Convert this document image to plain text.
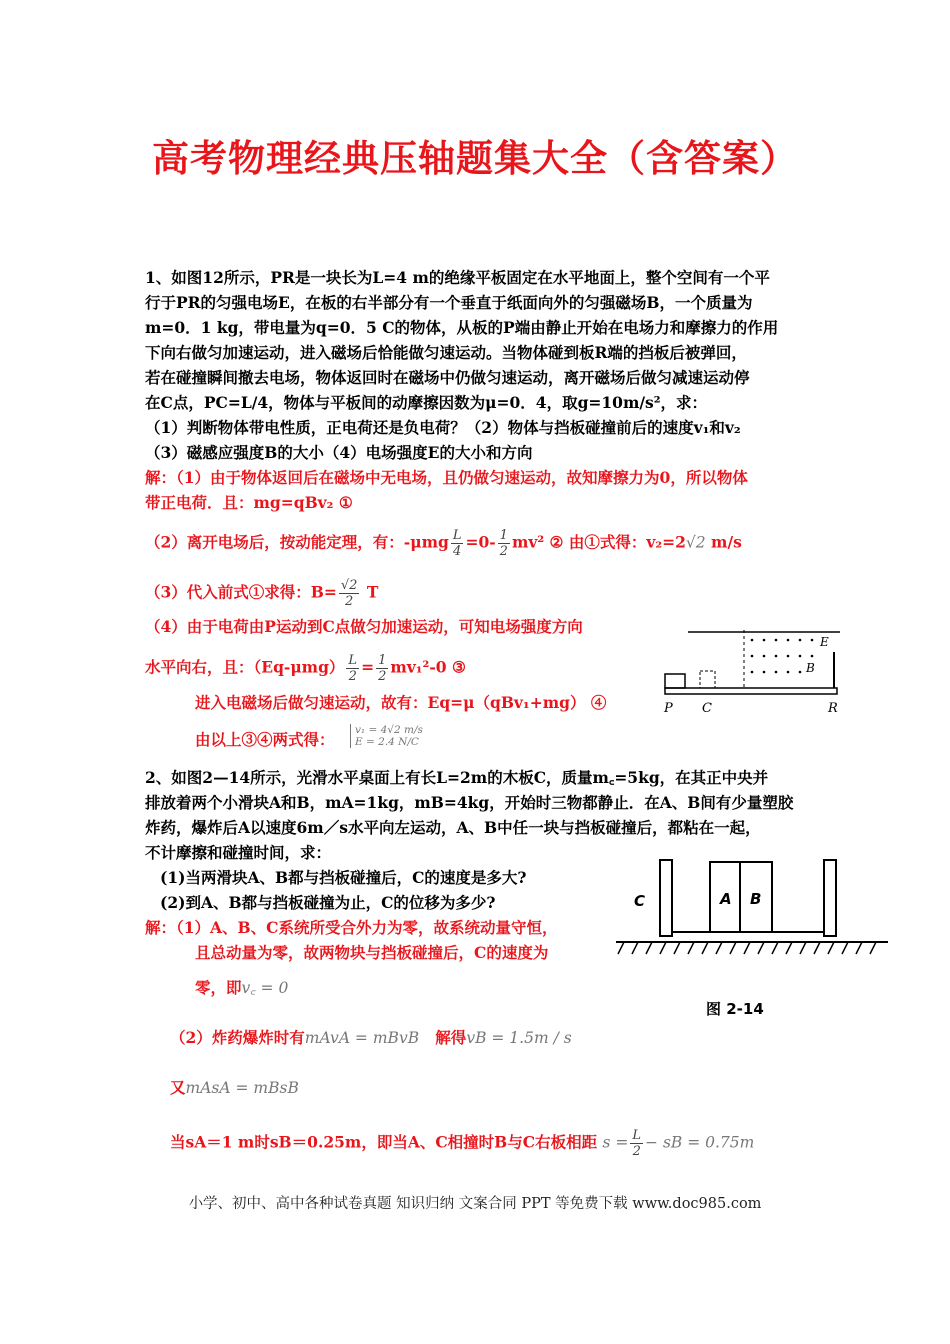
高考物理经典压轴题集大全（含答案）
1、如图12所示，PR是一块长为L=4 m的绝缘平板固定在水平地面上，整个空间有一个平
行于PR的匀强电场E，在板的右半部分有一个垂直于纸面向外的匀强磁场B，一个质量为
m=0．1 kg，带电量为q=0．5 C的物体，从板的P端由静止开始在电场力和摩擦力的作用
下向右做匀加速运动，进入磁场后恰能做匀速运动。当物体碰到板R端的挡板后被弹回，
若在碰撞瞬间撤去电场，物体返回时在磁场中仍做匀速运动，离开磁场后做匀减速运动停
在C点，PC=L/4，物体与平板间的动摩擦因数为μ=0．4，取g=10m/s²，求：
（1）判断物体带电性质，正电荷还是负电荷？（2）物体与挡板碰撞前后的速度v₁和v₂
（3）磁感应强度B的大小（4）电场强度E的大小和方向
解：（1）由于物体返回后在磁场中无电场，且仍做匀速运动，故知摩擦力为0，所以物体
带正电荷．且：mg=qBv₂ ①
（2）离开电场后，按动能定理，有：$-\mu mg \frac{L}{4} =0- \frac{1}{2} mv^2$ ② 由①式得：v₂=2√2 m/s
（3）代入前式①求得：$B= \frac{√2}{2}$ T
（4）由于电荷由P运动到C点做匀加速运动，可知电场强度方向
水平向右，且：$(Eq-\mu mg) \frac{L}{2} = \frac{1}{2} mv_1^2-0$ ③
进入电磁场后做匀速运动，故有：Eq=μ（qBv₁+mg） ④
由以上③④两式得： v₁ = 4√2 m/s
E = 2.4 N/C
P C	R
E
B
2、如图2—14所示，光滑水平桌面上有长L=2m的木板C，质量m꜀=5kg，在其正中央并
排放着两个小滑块A和B，mA=1kg，mB=4kg，开始时三物都静止．在A、B间有少量塑胶
炸药，爆炸后A以速度6m／s水平向左运动，A、B中任一块与挡板碰撞后，都粘在一起，
不计摩擦和碰撞时间，求：
(1)当两滑块A、B都与挡板碰撞后，C的速度是多大?
(2)到A、B都与挡板碰撞为止，C的位移为多少?
解：（1）A、B、C系统所受合外力为零，故系统动量守恒，
且总动量为零，故两物块与挡板碰撞后，C的速度为
零，即v꜀ = 0
（2）炸药爆炸时有mAvA = mBvB 解得vB = 1.5m / s
又mAsA = mBsB
当sA＝1 m时sB＝0.25m，即当A、C相撞时B与C右板相距 $s = \frac{L}{2}$ − sB = 0.75m
C	A B
图 2-14
小学、初中、高中各种试卷真题 知识归纳 文案合同 PPT 等免费下载 www.doc985.com
